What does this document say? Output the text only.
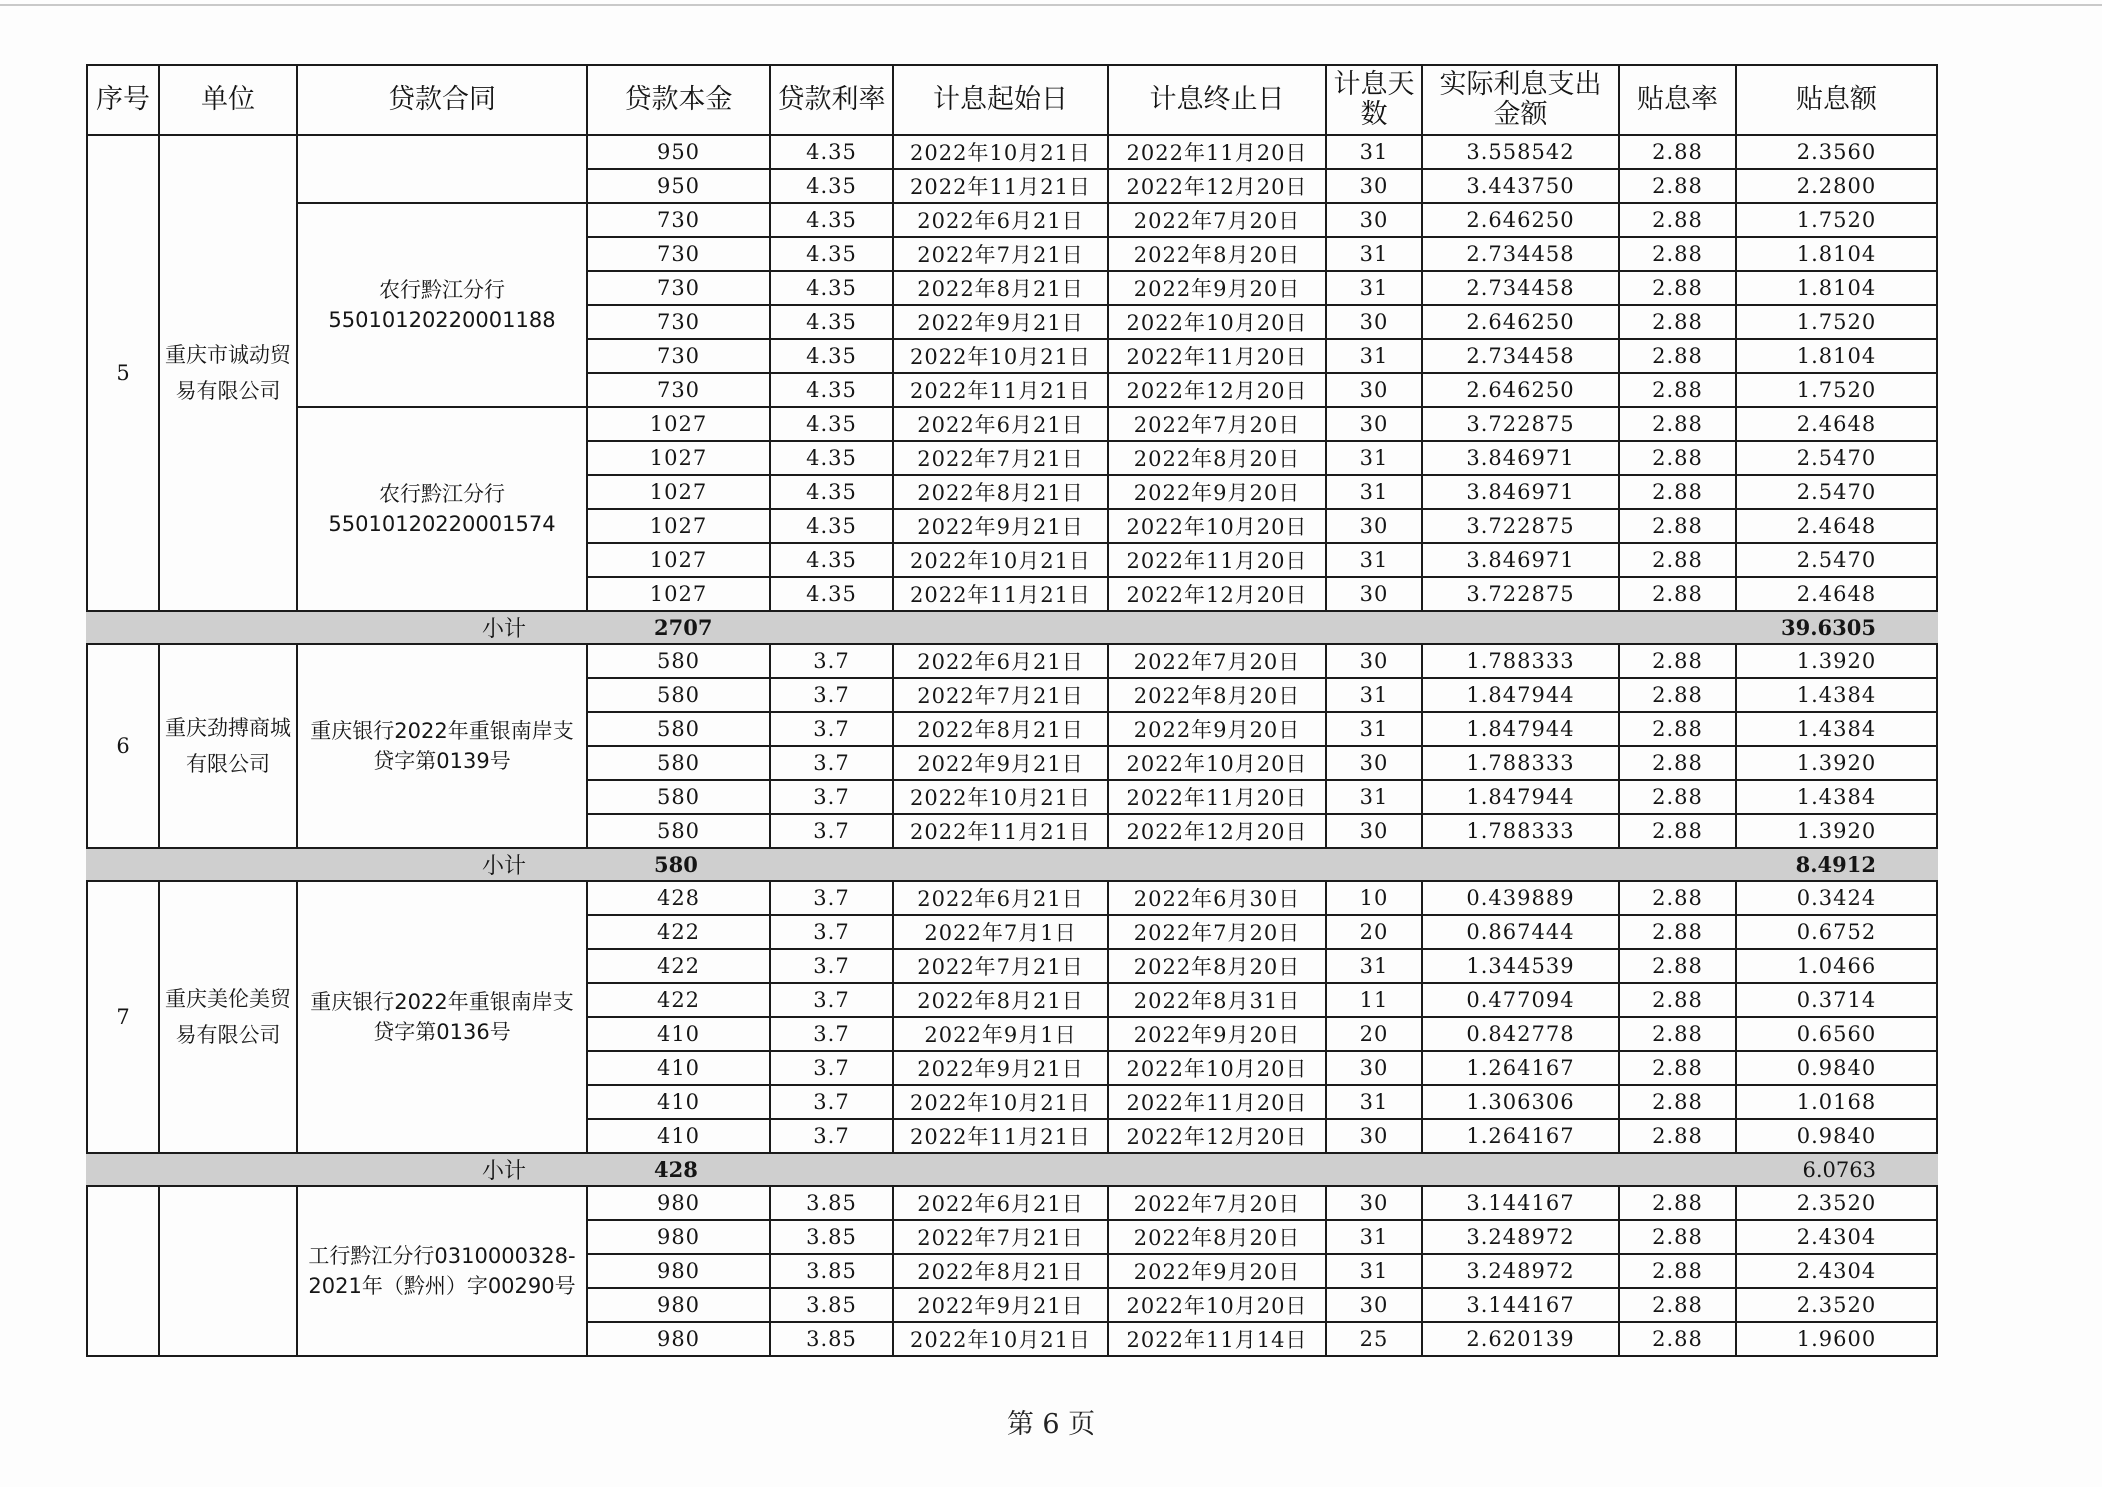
序号	单位	贷款合同	贷款本金	贷款利率	计息起始日	计息终止日	计息天数	实际利息支出金额	贴息率	贴息额
5	重庆市诚动贸易有限公司		950	4.35	2022年10月21日	2022年11月20日	31	3.558542	2.88	2.3560
			950	4.35	2022年11月21日	2022年12月20日	30	3.443750	2.88	2.2800
		农行黔江分行55010120220001188	730	4.35	2022年6月21日	2022年7月20日	30	2.646250	2.88	1.7520
			730	4.35	2022年7月21日	2022年8月20日	31	2.734458	2.88	1.8104
			730	4.35	2022年8月21日	2022年9月20日	31	2.734458	2.88	1.8104
			730	4.35	2022年9月21日	2022年10月20日	30	2.646250	2.88	1.7520
			730	4.35	2022年10月21日	2022年11月20日	31	2.734458	2.88	1.8104
			730	4.35	2022年11月21日	2022年12月20日	30	2.646250	2.88	1.7520
		农行黔江分行55010120220001574	1027	4.35	2022年6月21日	2022年7月20日	30	3.722875	2.88	2.4648
			1027	4.35	2022年7月21日	2022年8月20日	31	3.846971	2.88	2.5470
			1027	4.35	2022年8月21日	2022年9月20日	31	3.846971	2.88	2.5470
			1027	4.35	2022年9月21日	2022年10月20日	30	3.722875	2.88	2.4648
			1027	4.35	2022年10月21日	2022年11月20日	31	3.846971	2.88	2.5470
			1027	4.35	2022年11月21日	2022年12月20日	30	3.722875	2.88	2.4648
小计			2707							39.6305
6	重庆劲搏商城有限公司	重庆银行2022年重银南岸支贷字第0139号	580	3.7	2022年6月21日	2022年7月20日	30	1.788333	2.88	1.3920
			580	3.7	2022年7月21日	2022年8月20日	31	1.847944	2.88	1.4384
			580	3.7	2022年8月21日	2022年9月20日	31	1.847944	2.88	1.4384
			580	3.7	2022年9月21日	2022年10月20日	30	1.788333	2.88	1.3920
			580	3.7	2022年10月21日	2022年11月20日	31	1.847944	2.88	1.4384
			580	3.7	2022年11月21日	2022年12月20日	30	1.788333	2.88	1.3920
小计			580							8.4912
7	重庆美伦美贸易有限公司	重庆银行2022年重银南岸支贷字第0136号	428	3.7	2022年6月21日	2022年6月30日	10	0.439889	2.88	0.3424
			422	3.7	2022年7月1日	2022年7月20日	20	0.867444	2.88	0.6752
			422	3.7	2022年7月21日	2022年8月20日	31	1.344539	2.88	1.0466
			422	3.7	2022年8月21日	2022年8月31日	11	0.477094	2.88	0.3714
			410	3.7	2022年9月1日	2022年9月20日	20	0.842778	2.88	0.6560
			410	3.7	2022年9月21日	2022年10月20日	30	1.264167	2.88	0.9840
			410	3.7	2022年10月21日	2022年11月20日	31	1.306306	2.88	1.0168
			410	3.7	2022年11月21日	2022年12月20日	30	1.264167	2.88	0.9840
小计			428							6.0763
		工行黔江分行0310000328-2021年（黔州）字00290号	980	3.85	2022年6月21日	2022年7月20日	30	3.144167	2.88	2.3520
			980	3.85	2022年7月21日	2022年8月20日	31	3.248972	2.88	2.4304
			980	3.85	2022年8月21日	2022年9月20日	31	3.248972	2.88	2.4304
			980	3.85	2022年9月21日	2022年10月20日	30	3.144167	2.88	2.3520
			980	3.85	2022年10月21日	2022年11月14日	25	2.620139	2.88	1.9600
第 6 页
